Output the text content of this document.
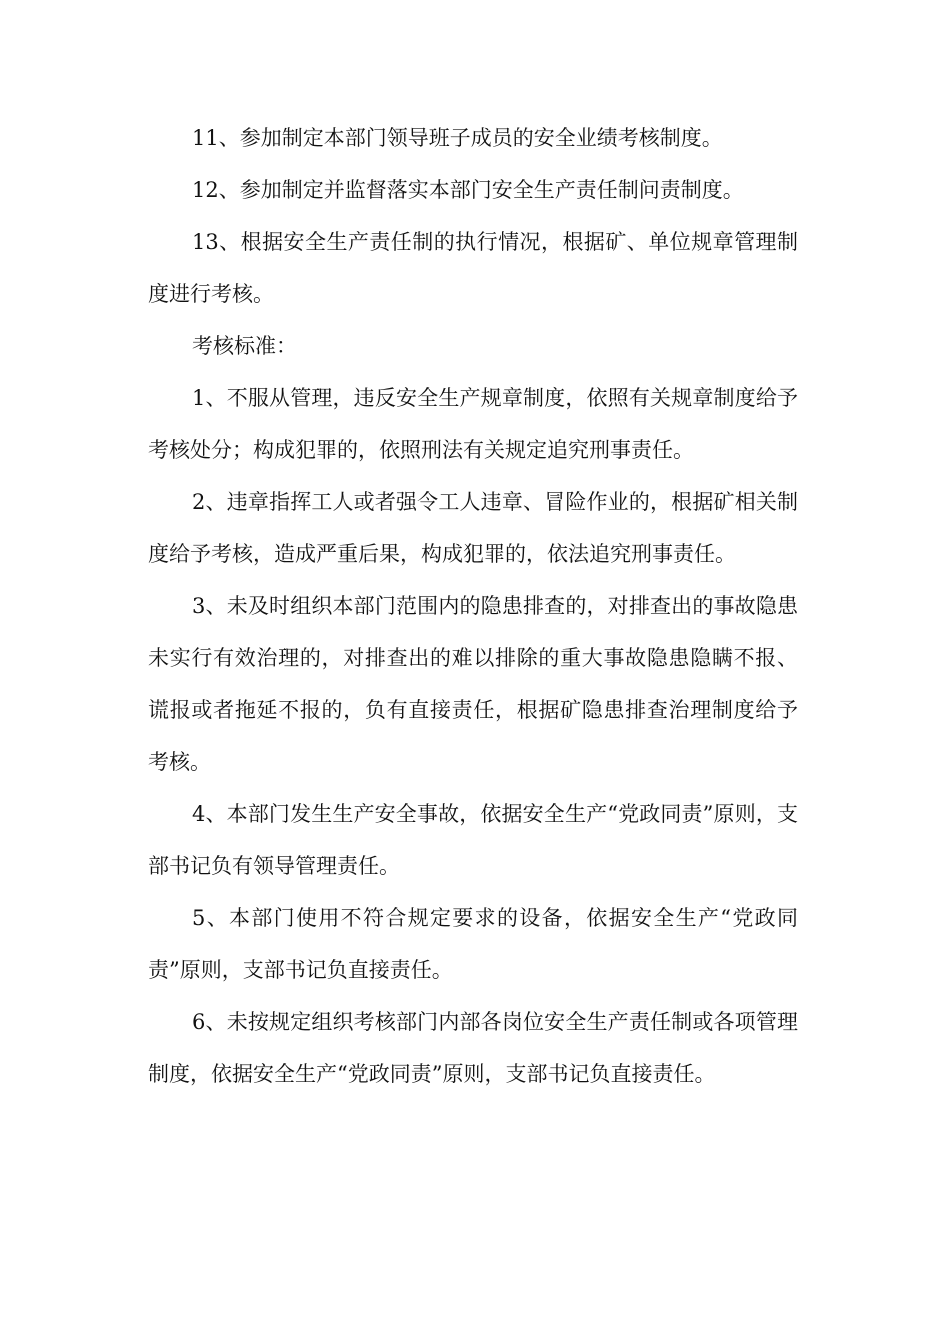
11、参加制定本部门领导班子成员的安全业绩考核制度。

12、参加制定并监督落实本部门安全生产责任制问责制度。

13、根据安全生产责任制的执行情况，根据矿、单位规章管理制度进行考核。

考核标准：

1、不服从管理，违反安全生产规章制度，依照有关规章制度给予考核处分；构成犯罪的，依照刑法有关规定追究刑事责任。

2、违章指挥工人或者强令工人违章、冒险作业的，根据矿相关制度给予考核，造成严重后果，构成犯罪的，依法追究刑事责任。

3、未及时组织本部门范围内的隐患排查的，对排查出的事故隐患未实行有效治理的，对排查出的难以排除的重大事故隐患隐瞒不报、谎报或者拖延不报的，负有直接责任，根据矿隐患排查治理制度给予考核。

4、本部门发生生产安全事故，依据安全生产“党政同责”原则，支部书记负有领导管理责任。

5、本部门使用不符合规定要求的设备，依据安全生产“党政同责”原则，支部书记负直接责任。

6、未按规定组织考核部门内部各岗位安全生产责任制或各项管理制度，依据安全生产“党政同责”原则，支部书记负直接责任。
